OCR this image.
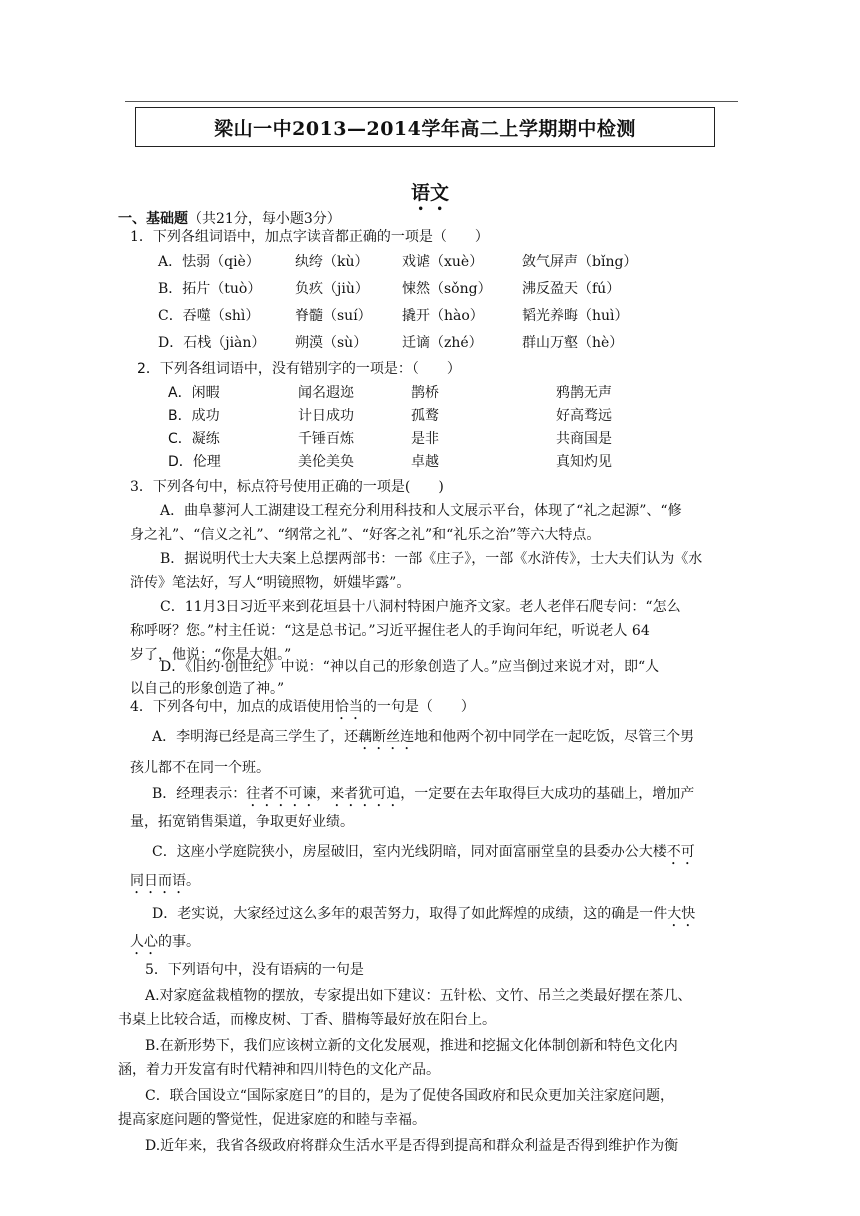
梁山一中2013—2014学年高二上学期期中检测
语文
一、基础题（共21分，每小题3分）
1．下列各组词语中，加点字读音都正确的一项是（　　）
A．怯弱（qiè）	纨绔（kù） 戏谑（xuè）	敛气屏声（bǐng）
B．拓片（tuò） 负疚（jiù） 悚然（sǒng） 沸反盈天（fú）
C．吞噬（shì）	脊髓（suí） 撬开（hào）	韬光养晦（huì）
D．石栈（jiàn） 朔漠（sù） 迁谪（zhé）	群山万壑（hè）
2．下列各组词语中，没有错别字的一项是：（　　）
A．闲暇	闻名遐迩	鹊桥	鸦鹊无声
B．成功	计日成功	孤鹜	好高骛远
C．凝练	千锤百炼	是非	共商国是
D．伦理	美伦美奂	卓越	真知灼见
3．下列各句中，标点符号使用正确的一项是(　　)
A．曲阜蓼河人工湖建设工程充分利用科技和人文展示平台，体现了“礼之起源”、“修
身之礼”、“信义之礼”、“纲常之礼”、“好客之礼”和“礼乐之治”等六大特点。
B．据说明代士大夫案上总摆两部书：一部《庄子》，一部《水浒传》，士大夫们认为《水
浒传》笔法好，写人“明镜照物，妍媸毕露”。
C．11月3日习近平来到花垣县十八洞村特困户施齐文家。老人老伴石爬专问：“怎么
称呼呀？您。”村主任说：“这是总书记。”习近平握住老人的手询问年纪，听说老人 64
岁了，他说：“你是大姐。”
D．《旧约·创世纪》中说：“神以自己的形象创造了人。”应当倒过来说才对，即“人
以自己的形象创造了神。”
4．下列各句中，加点的成语使用恰当的一句是（　　）
A．李明海已经是高三学生了，还藕断丝连地和他两个初中同学在一起吃饭，尽管三个男
孩儿都不在同一个班。
B．经理表示：往者不可谏，来者犹可追，一定要在去年取得巨大成功的基础上，增加产
量，拓宽销售渠道，争取更好业绩。
C．这座小学庭院狭小，房屋破旧，室内光线阴暗，同对面富丽堂皇的县委办公大楼不可
同日而语。
D．老实说，大家经过这么多年的艰苦努力，取得了如此辉煌的成绩，这的确是一件大快
人心的事。
5．下列语句中，没有语病的一句是
A.对家庭盆栽植物的摆放，专家提出如下建议：五针松、文竹、吊兰之类最好摆在茶几、
书桌上比较合适，而橡皮树、丁香、腊梅等最好放在阳台上。
B.在新形势下，我们应该树立新的文化发展观，推进和挖掘文化体制创新和特色文化内
涵，着力开发富有时代精神和四川特色的文化产品。
C．联合国设立“国际家庭日”的目的，是为了促使各国政府和民众更加关注家庭问题，
提高家庭问题的警觉性，促进家庭的和睦与幸福。
D.近年来，我省各级政府将群众生活水平是否得到提高和群众利益是否得到维护作为衡
